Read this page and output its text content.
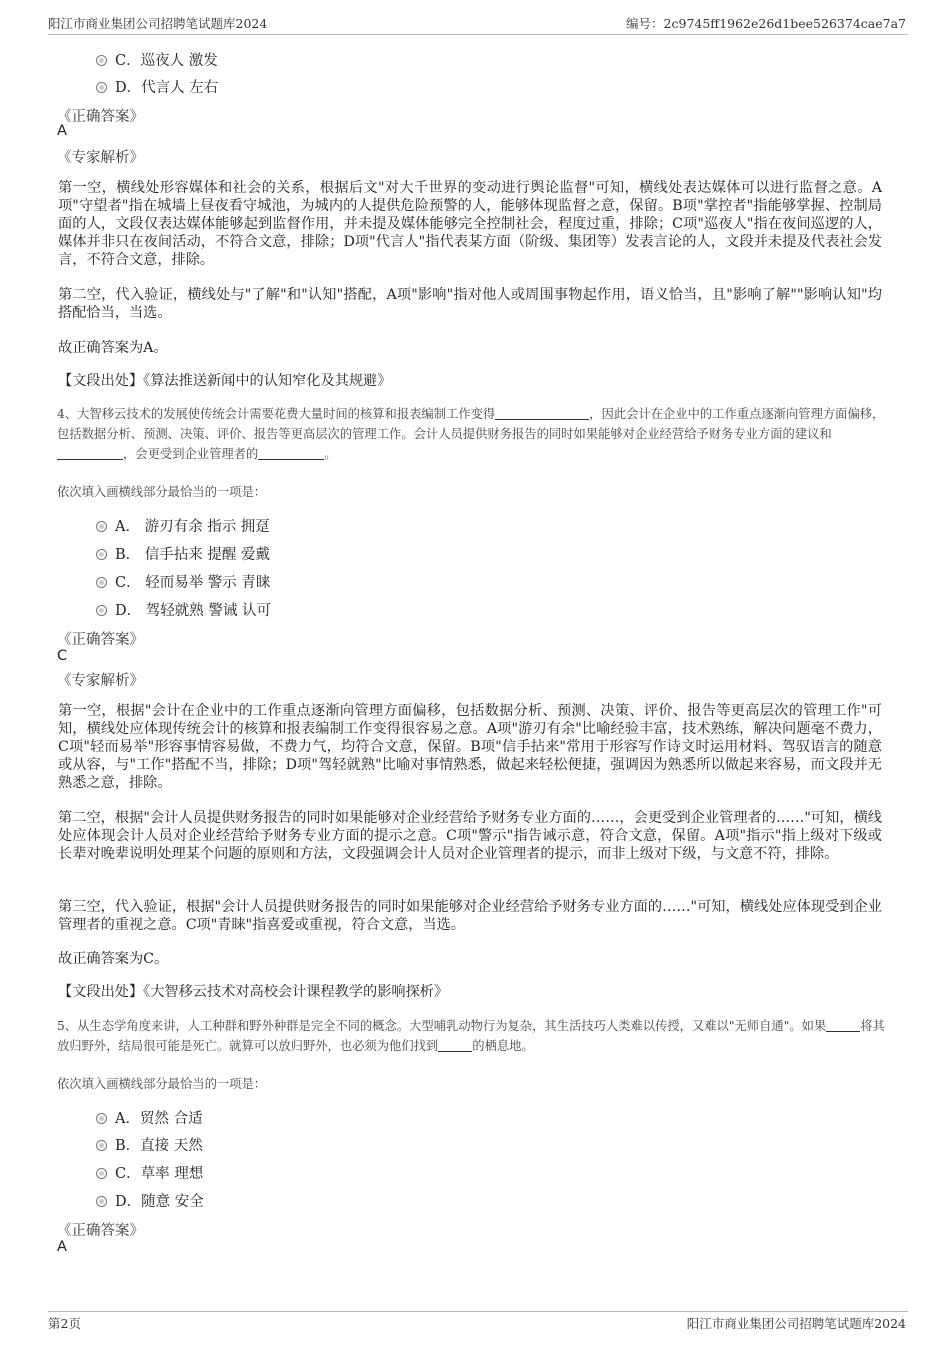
阳江市商业集团公司招聘笔试题库2024	编号：2c9745ff1962e26d1bee526374cae7a7
C．巡夜人 激发
D．代言人 左右
《正确答案》
A
《专家解析》
第一空，横线处形容媒体和社会的关系，根据后文"对大千世界的变动进行舆论监督"可知，横线处表达媒体可以进行监督之意。A项"守望者"指在城墙上昼夜看守城池，为城内的人提供危险预警的人，能够体现监督之意，保留。B项"掌控者"指能够掌握、控制局面的人，文段仅表达媒体能够起到监督作用，并未提及媒体能够完全控制社会，程度过重，排除；C项"巡夜人"指在夜间巡逻的人，媒体并非只在夜间活动，不符合文意，排除；D项"代言人"指代表某方面（阶级、集团等）发表言论的人，文段并未提及代表社会发言，不符合文意，排除。
第二空，代入验证，横线处与"了解"和"认知"搭配，A项"影响"指对他人或周围事物起作用，语义恰当，且"影响了解""影响认知"均搭配恰当，当选。
故正确答案为A。
【文段出处】《算法推送新闻中的认知窄化及其规避》
4、大智移云技术的发展使传统会计需要花费大量时间的核算和报表编制工作变得	，因此会计在企业中的工作重点逐渐向管理方面偏移，包括数据分析、预测、决策、评价、报告等更高层次的管理工作。会计人员提供财务报告的同时如果能够对企业经营给予财务专业方面的建议和，会更受到企业管理者的	。
依次填入画横线部分最恰当的一项是：
A． 游刃有余 指示 拥趸
B． 信手拈来 提醒 爱戴
C． 轻而易举 警示 青睐
D． 驾轻就熟 警诫 认可
《正确答案》
C
《专家解析》
第一空，根据"会计在企业中的工作重点逐渐向管理方面偏移，包括数据分析、预测、决策、评价、报告等更高层次的管理工作"可知，横线处应体现传统会计的核算和报表编制工作变得很容易之意。A项"游刃有余"比喻经验丰富，技术熟练，解决问题毫不费力，C项"轻而易举"形容事情容易做，不费力气，均符合文意，保留。B项"信手拈来"常用于形容写作诗文时运用材料、驾驭语言的随意或从容，与"工作"搭配不当，排除；D项"驾轻就熟"比喻对事情熟悉，做起来轻松便捷，强调因为熟悉所以做起来容易，而文段并无熟悉之意，排除。
第二空，根据"会计人员提供财务报告的同时如果能够对企业经营给予财务专业方面的……，会更受到企业管理者的……"可知，横线处应体现会计人员对企业经营给予财务专业方面的提示之意。C项"警示"指告诫示意，符合文意，保留。A项"指示"指上级对下级或长辈对晚辈说明处理某个问题的原则和方法，文段强调会计人员对企业管理者的提示，而非上级对下级，与文意不符，排除。
第三空，代入验证，根据"会计人员提供财务报告的同时如果能够对企业经营给予财务专业方面的……"可知，横线处应体现受到企业管理者的重视之意。C项"青睐"指喜爱或重视，符合文意，当选。
故正确答案为C。
【文段出处】《大智移云技术对高校会计课程教学的影响探析》
5、从生态学角度来讲，人工种群和野外种群是完全不同的概念。大型哺乳动物行为复杂，其生活技巧人类难以传授，又难以"无师自通"。如果	将其放归野外，结局很可能是死亡。就算可以放归野外，也必须为他们找到	的栖息地。
依次填入画横线部分最恰当的一项是：
A．贸然 合适
B．直接 天然
C．草率 理想
D．随意 安全
《正确答案》
A
第2页	阳江市商业集团公司招聘笔试题库2024
